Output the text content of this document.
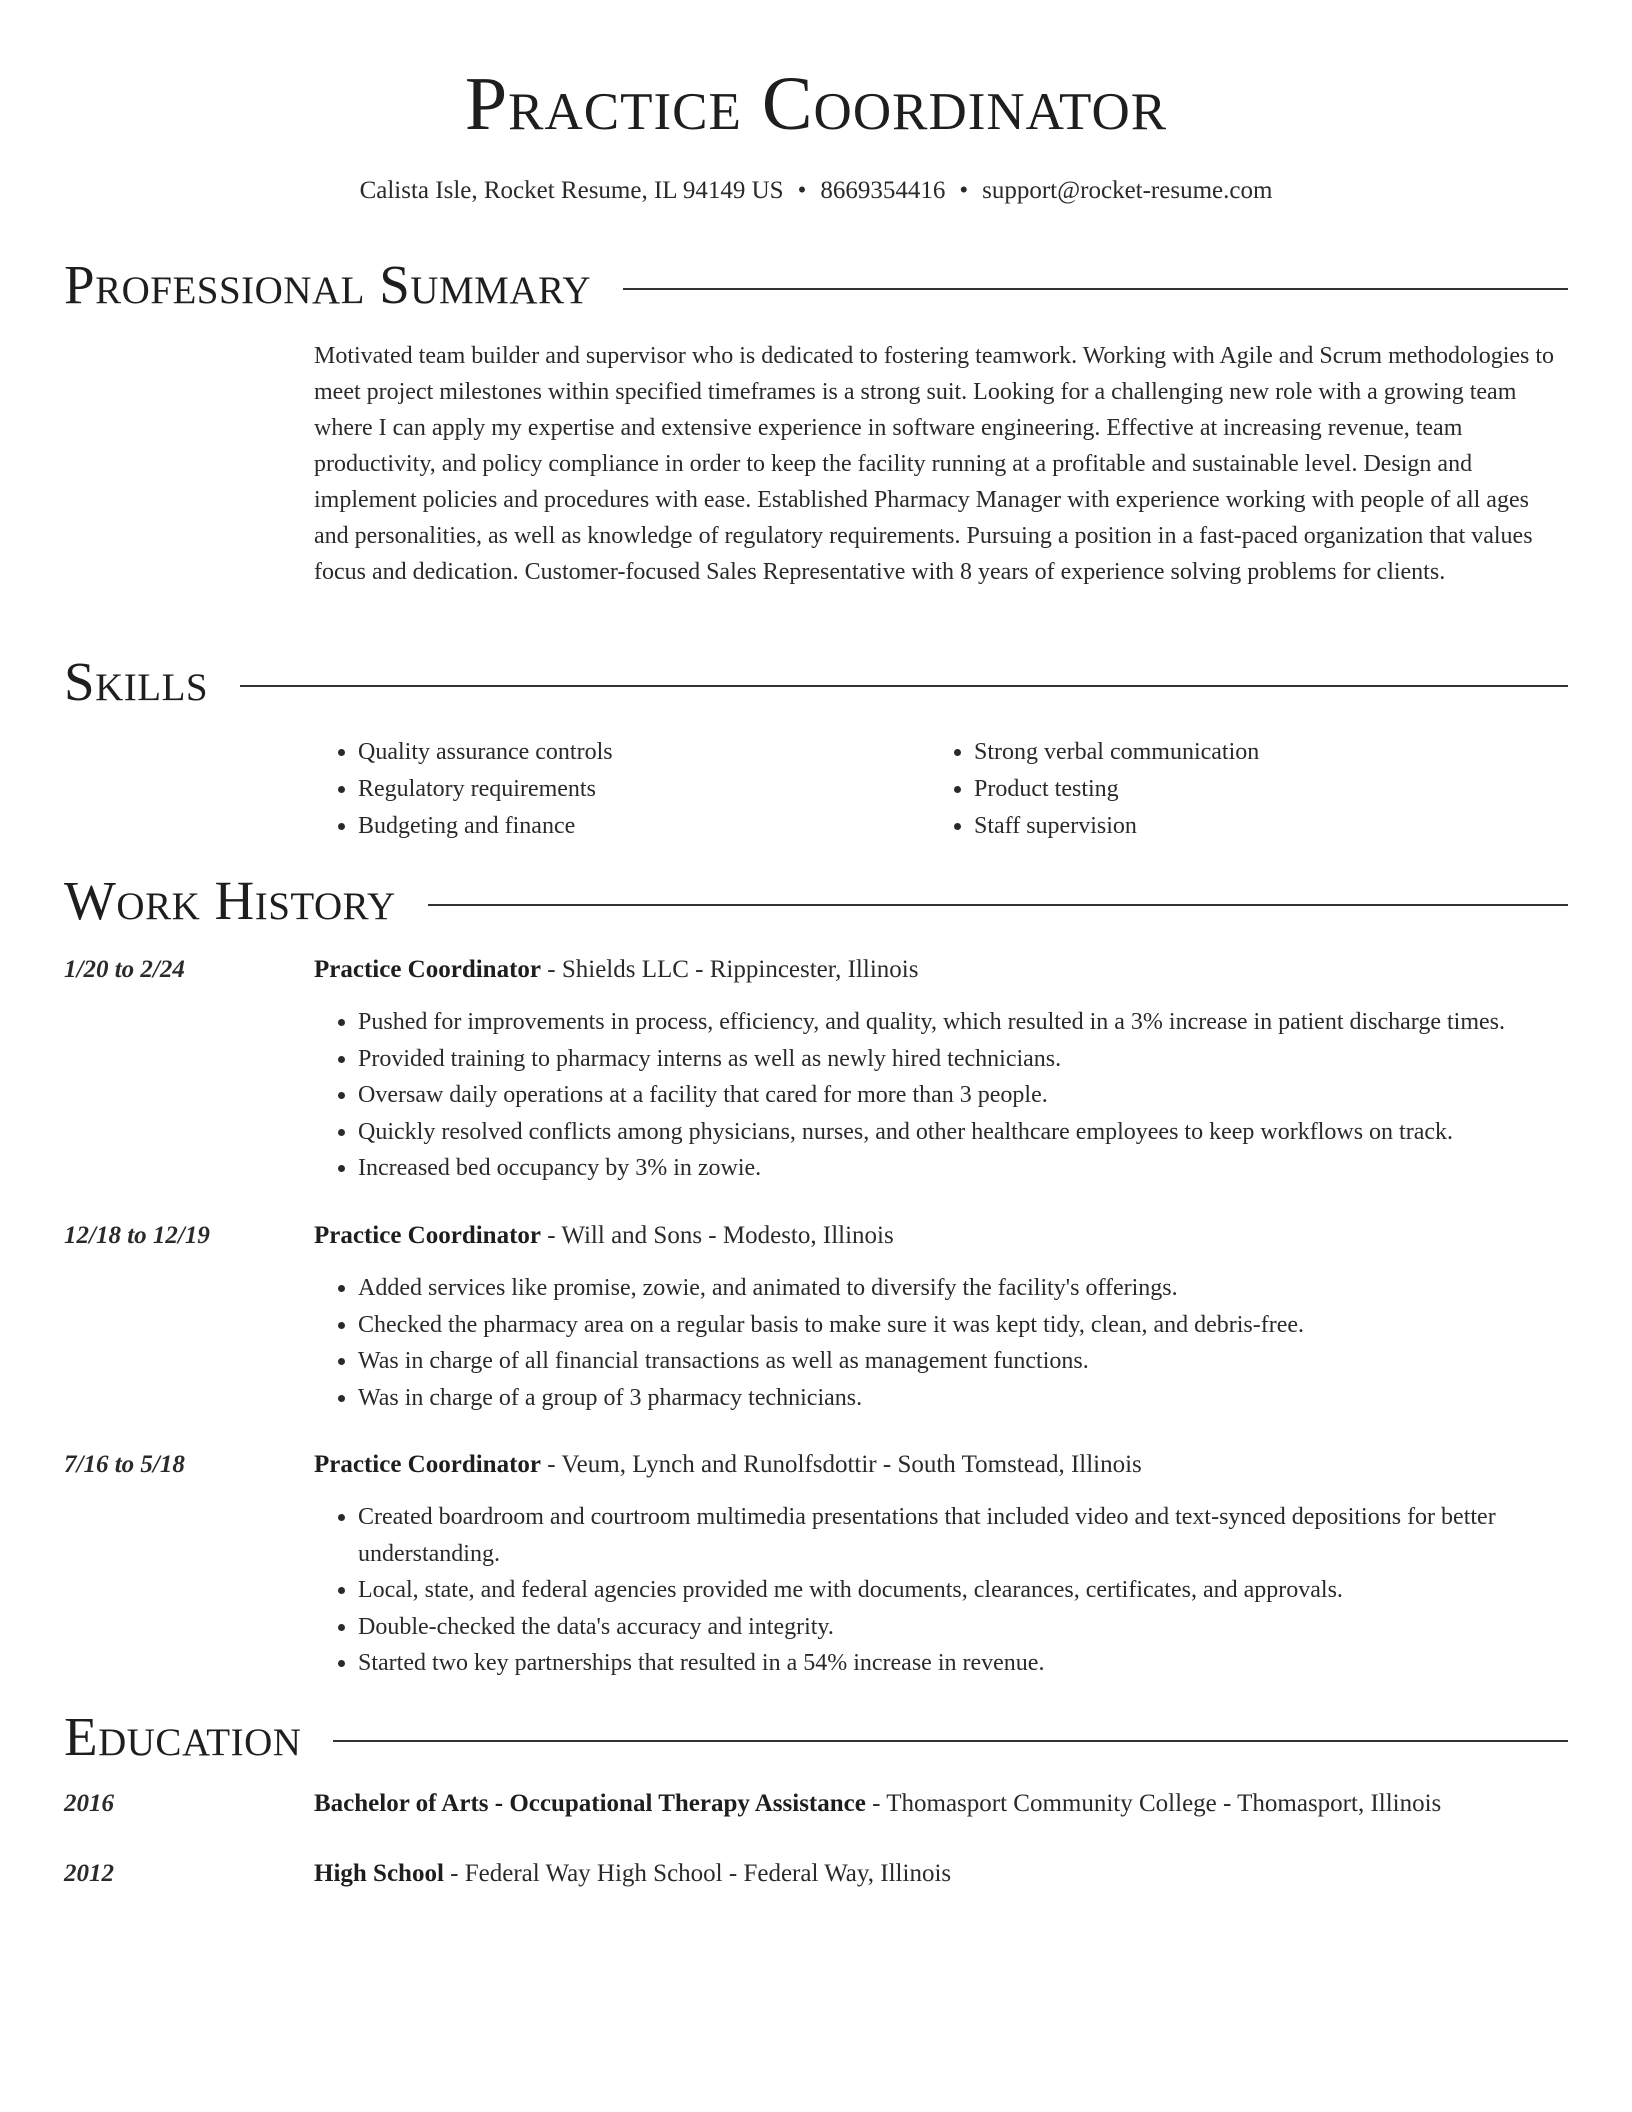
Practice Coordinator
Calista Isle, Rocket Resume, IL 94149 US • 8669354416 • support@rocket-resume.com
Professional Summary

Motivated team builder and supervisor who is dedicated to fostering teamwork. Working with Agile and Scrum methodologies to meet project milestones within specified timeframes is a strong suit. Looking for a challenging new role with a growing team where I can apply my expertise and extensive experience in software engineering. Effective at increasing revenue, team productivity, and policy compliance in order to keep the facility running at a profitable and sustainable level. Design and implement policies and procedures with ease. Established Pharmacy Manager with experience working with people of all ages and personalities, as well as knowledge of regulatory requirements. Pursuing a position in a fast-paced organization that values focus and dedication. Customer-focused Sales Representative with 8 years of experience solving problems for clients.

Skills
• Quality assurance controls
• Regulatory requirements
• Budgeting and finance
• Strong verbal communication
• Product testing
• Staff supervision
Work History
1/20 to 2/24	Practice Coordinator - Shields LLC - Rippincester, Illinois
• Pushed for improvements in process, efficiency, and quality, which resulted in a 3% increase in patient discharge times.
• Provided training to pharmacy interns as well as newly hired technicians.
• Oversaw daily operations at a facility that cared for more than 3 people.
• Quickly resolved conflicts among physicians, nurses, and other healthcare employees to keep workflows on track.
• Increased bed occupancy by 3% in zowie.
12/18 to 12/19	Practice Coordinator - Will and Sons - Modesto, Illinois
• Added services like promise, zowie, and animated to diversify the facility's offerings.
• Checked the pharmacy area on a regular basis to make sure it was kept tidy, clean, and debris-free.
• Was in charge of all financial transactions as well as management functions.
• Was in charge of a group of 3 pharmacy technicians.
7/16 to 5/18	Practice Coordinator - Veum, Lynch and Runolfsdottir - South Tomstead, Illinois
• Created boardroom and courtroom multimedia presentations that included video and text-synced depositions for better understanding.
• Local, state, and federal agencies provided me with documents, clearances, certificates, and approvals.
• Double-checked the data's accuracy and integrity.
• Started two key partnerships that resulted in a 54% increase in revenue.
Education
2016	Bachelor of Arts - Occupational Therapy Assistance - Thomasport Community College - Thomasport, Illinois
2012	High School - Federal Way High School - Federal Way, Illinois
